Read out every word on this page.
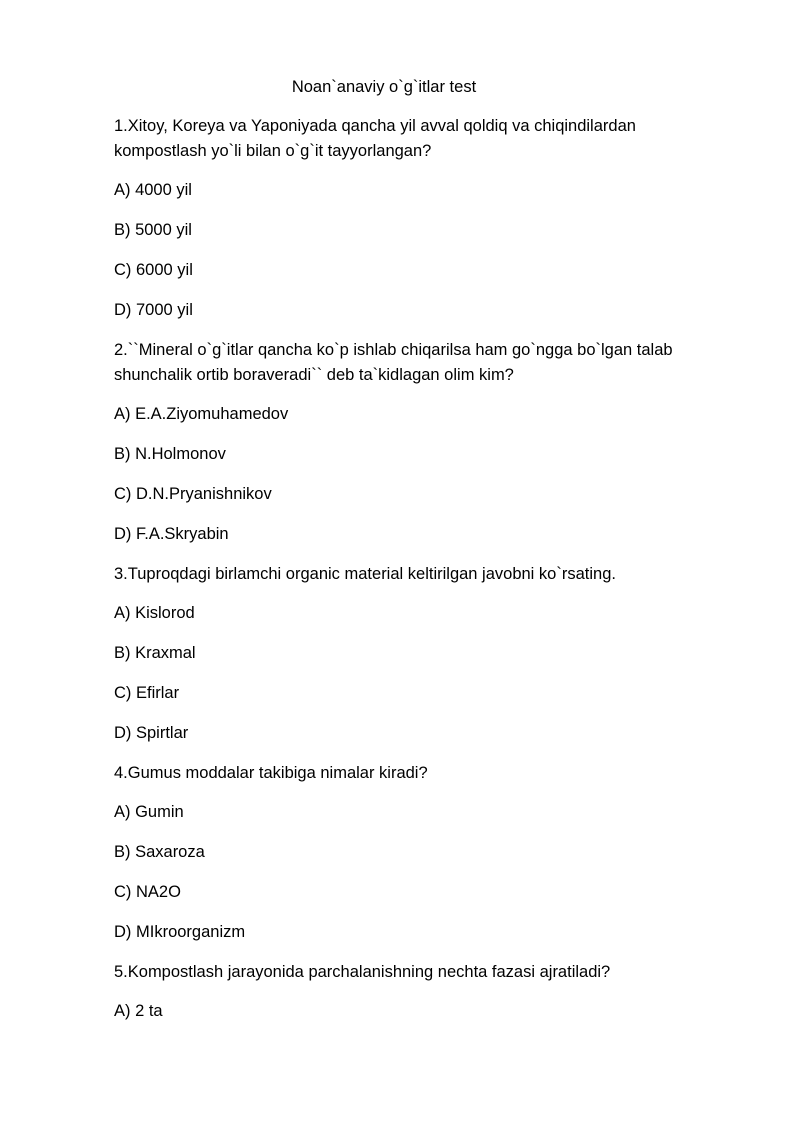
Noan`anaviy o`g`itlar test
1.Xitoy, Koreya va Yaponiyada qancha yil avval qoldiq va chiqindilardan kompostlash yo`li bilan o`g`it tayyorlangan?
A) 4000 yil
B) 5000 yil
C) 6000 yil
D) 7000 yil
2.``Mineral o`g`itlar qancha ko`p ishlab chiqarilsa ham go`ngga bo`lgan talab shunchalik ortib boraveradi`` deb ta`kidlagan olim kim?
A) E.A.Ziyomuhamedov
B) N.Holmonov
C) D.N.Pryanishnikov
D) F.A.Skryabin
3.Tuproqdagi birlamchi organic material keltirilgan javobni ko`rsating.
A) Kislorod
B) Kraxmal
C) Efirlar
D) Spirtlar
4.Gumus moddalar takibiga nimalar kiradi?
A) Gumin
B) Saxaroza
C) NA2O
D) MIkroorganizm
5.Kompostlash jarayonida parchalanishning nechta fazasi ajratiladi?
A) 2 ta
